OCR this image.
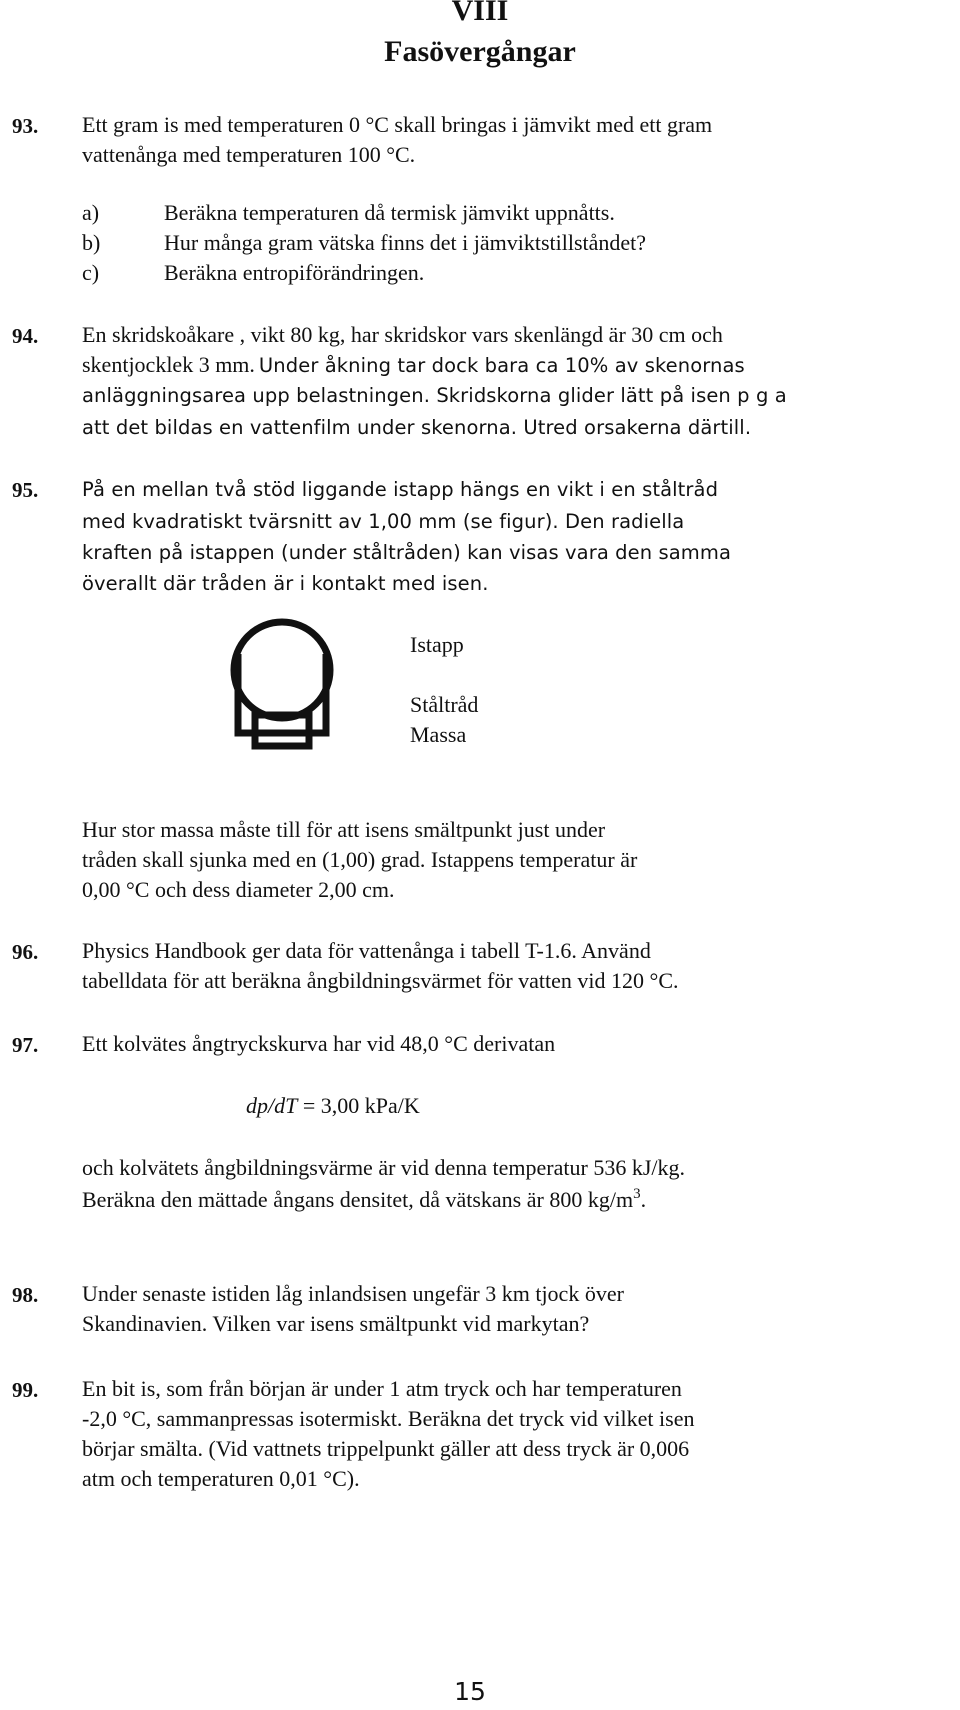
VIII
Fasövergångar
93. Ett gram is med temperaturen 0 °C skall bringas i jämvikt med ett gram
vattenånga med temperaturen 100 °C.
a)	Beräkna temperaturen då termisk jämvikt uppnåtts.
b)	Hur många gram vätska finns det i jämviktstillståndet?
c)	Beräkna entropiförändringen.
94. En skridskoåkare , vikt 80 kg, har skridskor vars skenlängd är 30 cm och
skentjocklek 3 mm. Under åkning tar dock bara ca 10% av skenornas
anläggningsarea upp belastningen. Skridskorna glider lätt på isen p g a
att det bildas en vattenfilm under skenorna. Utred orsakerna därtill.
95. På en mellan två stöd liggande istapp hängs en vikt i en ståltråd
med kvadratiskt tvärsnitt av 1,00 mm (se figur). Den radiella
kraften på istappen (under ståltråden) kan visas vara den samma
överallt där tråden är i kontakt med isen.
Istapp
Ståltråd
Massa
Hur stor massa måste till för att isens smältpunkt just under
tråden skall sjunka med en (1,00) grad. Istappens temperatur är
0,00 °C och dess diameter 2,00 cm.
96. Physics Handbook ger data för vattenånga i tabell T-1.6. Använd
tabelldata för att beräkna ångbildningsvärmet för vatten vid 120 °C.
97. Ett kolvätes ångtryckskurva har vid 48,0 °C derivatan
dp/dT = 3,00 kPa/K
och kolvätets ångbildningsvärme är vid denna temperatur 536 kJ/kg.
Beräkna den mättade ångans densitet, då vätskans är 800 $kg/m^3$.
98. Under senaste istiden låg inlandsisen ungefär 3 km tjock över
Skandinavien. Vilken var isens smältpunkt vid markytan?
99. En bit is, som från början är under 1 atm tryck och har temperaturen
-2,0 °C, sammanpressas isotermiskt. Beräkna det tryck vid vilket isen
börjar smälta. (Vid vattnets trippelpunkt gäller att dess tryck är 0,006
atm och temperaturen 0,01 °C).
15
